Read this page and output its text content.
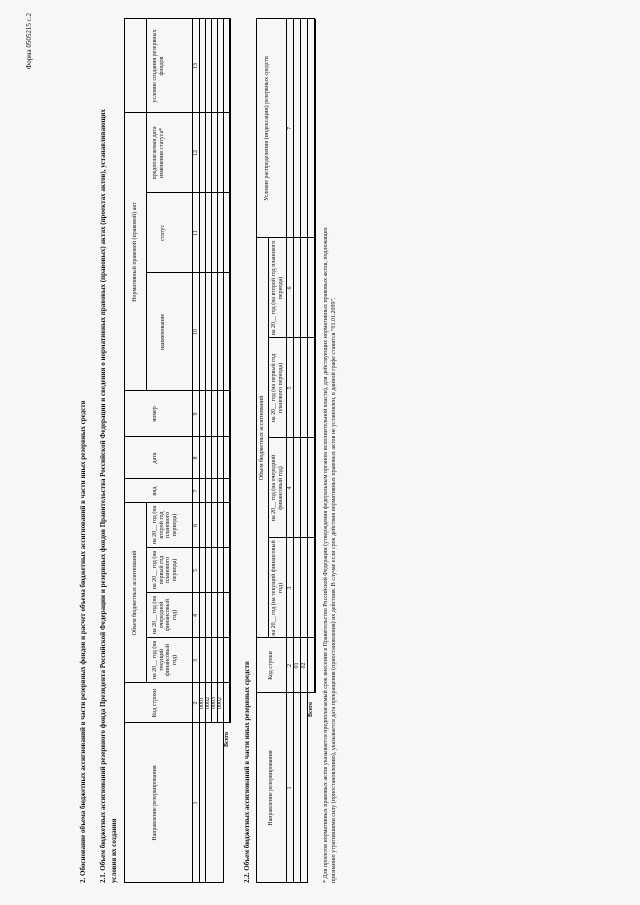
Форма 0505215 с.2
2. Обоснование объема бюджетных ассигнований в части резервных фондов и расчет объема бюджетных ассигнований в части иных резервных средств 2.1. Объем бюджетных ассигнований резервного фонда Президента Российской Федерации и резервных фондов Правительства Российской Федерации и сведения о нормативных правовых (правовых) актах (проектах актов), устанавливающих условия их создания
Направление резервирования
Код строки
Объем бюджетных ассигнований
на 20__ год (на текущий финансовый год)
на 20__ год (на очередной финансовый год)
на 20__ год (на первый год планового периода)
на 20__ год (на второй год планового периода)
вид
дата
номер
Нормативный правовой (правовой) акт
наименование
статус
предполагаемая дата изменения статуса*
условие создания резервных фондов
1
2
3
4
5
6
7
8
9
10
11
12
13
0001 0002 0003 0002
Всего 2.2. Объем бюджетных ассигнований в части иных резервных средств	Направление резервирования
Код строки
Объем бюджетных ассигнований
на 20__ год (на текущий финансовый год)
на 20__ год (на очередной финансовый год)
на 20__ год (на первый год планового периода)
на 20__ год (на второй год планового периода)
Условие распределения (индексации) резервных средств
1
2
3
4
5
6
7
01 02
Всего * Для проектов нормативных правовых актов указывается предполагаемый срок внесения в Правительство Российской Федерации (утверждения федеральным органом исполнительной власти), для действующих нормативных правовых актов, подлежащих признанию утратившими силу (приостановлению), указывается дата прекращения (приостановления) их действия. В случае если срок действия нормативных правовых актов не установлен, в данной графе ставится "01.01.2099".
